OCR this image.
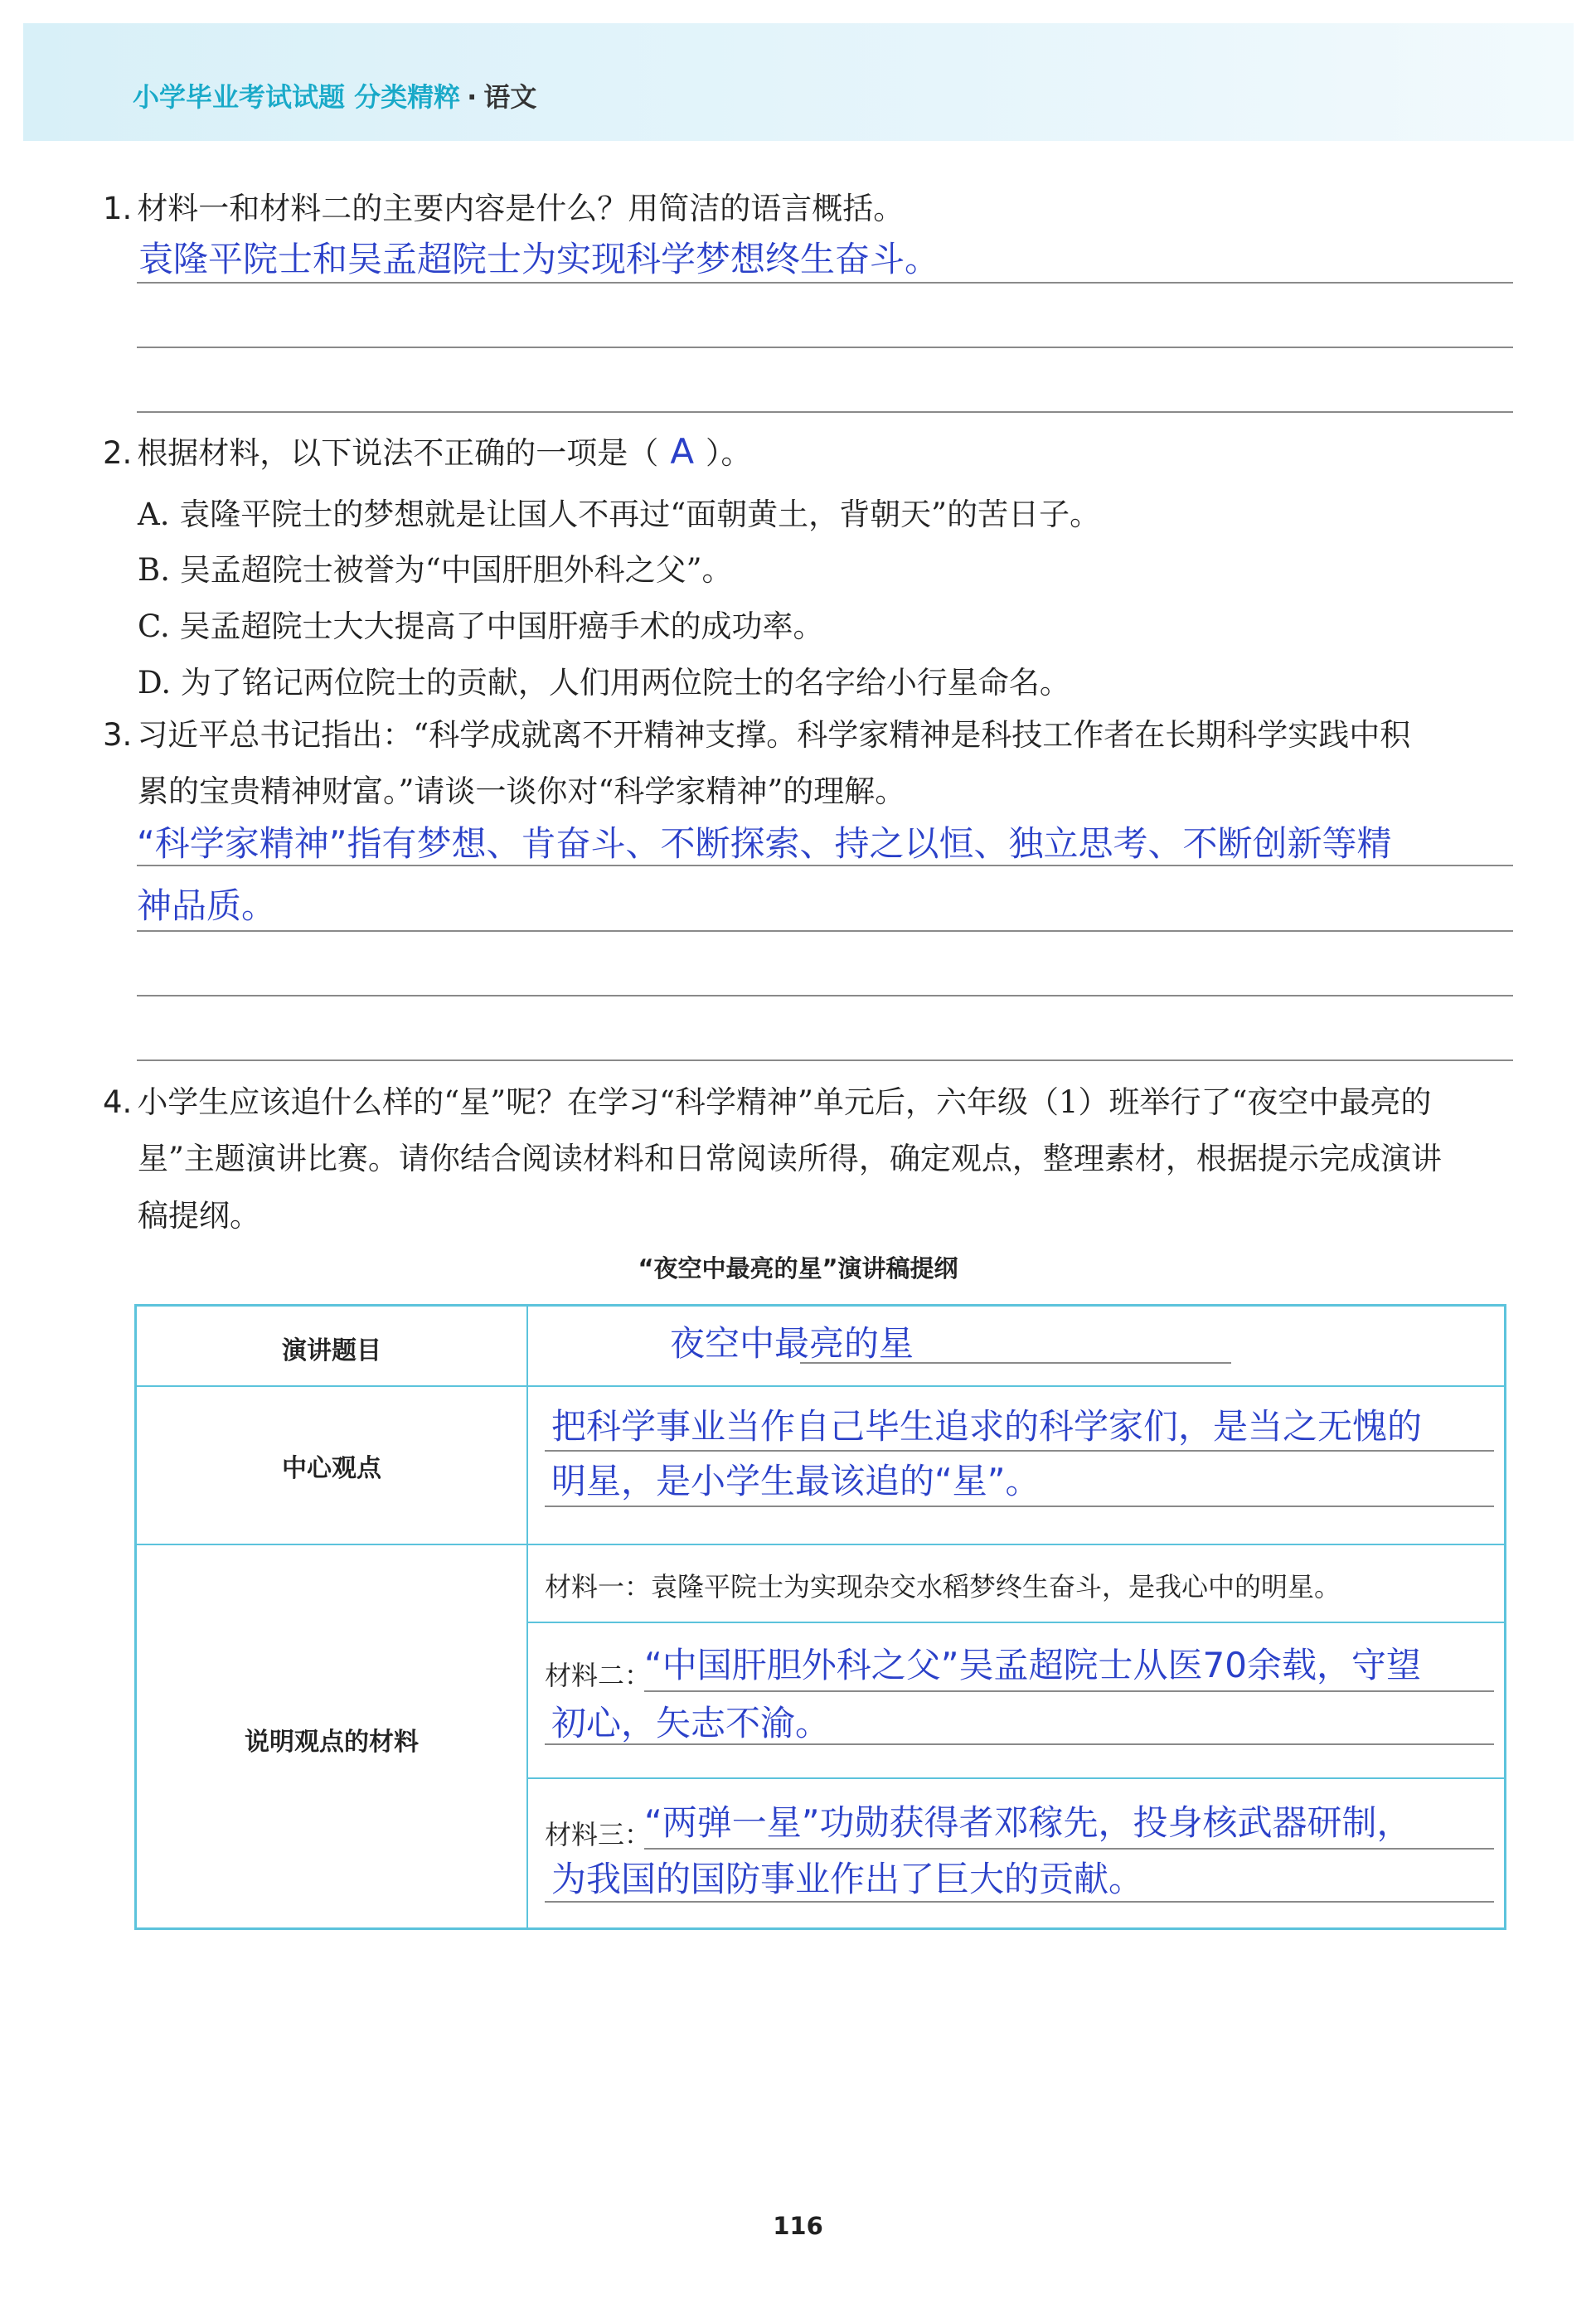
小学毕业考试试题 分类精粹 · 语文
1. 材料一和材料二的主要内容是什么？用简洁的语言概括。
袁隆平院士和吴孟超院士为实现科学梦想终生奋斗。
2. 根据材料，以下说法不正确的一项是（ A ）。
A. 袁隆平院士的梦想就是让国人不再过“面朝黄土，背朝天”的苦日子。
B. 吴孟超院士被誉为“中国肝胆外科之父”。
C. 吴孟超院士大大提高了中国肝癌手术的成功率。
D. 为了铭记两位院士的贡献，人们用两位院士的名字给小行星命名。
3. 习近平总书记指出：“科学成就离不开精神支撑。科学家精神是科技工作者在长期科学实践中积
累的宝贵精神财富。”请谈一谈你对“科学家精神”的理解。
“科学家精神”指有梦想、肯奋斗、不断探索、持之以恒、独立思考、不断创新等精
神品质。
4. 小学生应该追什么样的“星”呢？在学习“科学精神”单元后，六年级（1）班举行了“夜空中最亮的
星”主题演讲比赛。请你结合阅读材料和日常阅读所得，确定观点，整理素材，根据提示完成演讲
稿提纲。
“夜空中最亮的星”演讲稿提纲
演讲题目	夜空中最亮的星
中心观点
把科学事业当作自己毕生追求的科学家们，是当之无愧的
明星，是小学生最该追的“星”。
说明观点的材料
材料一：袁隆平院士为实现杂交水稻梦终生奋斗，是我心中的明星。
材料二：
“中国肝胆外科之父”吴孟超院士从医70余载，守望
初心，矢志不渝。
材料三：
“两弹一星”功勋获得者邓稼先，投身核武器研制，
为我国的国防事业作出了巨大的贡献。
116
